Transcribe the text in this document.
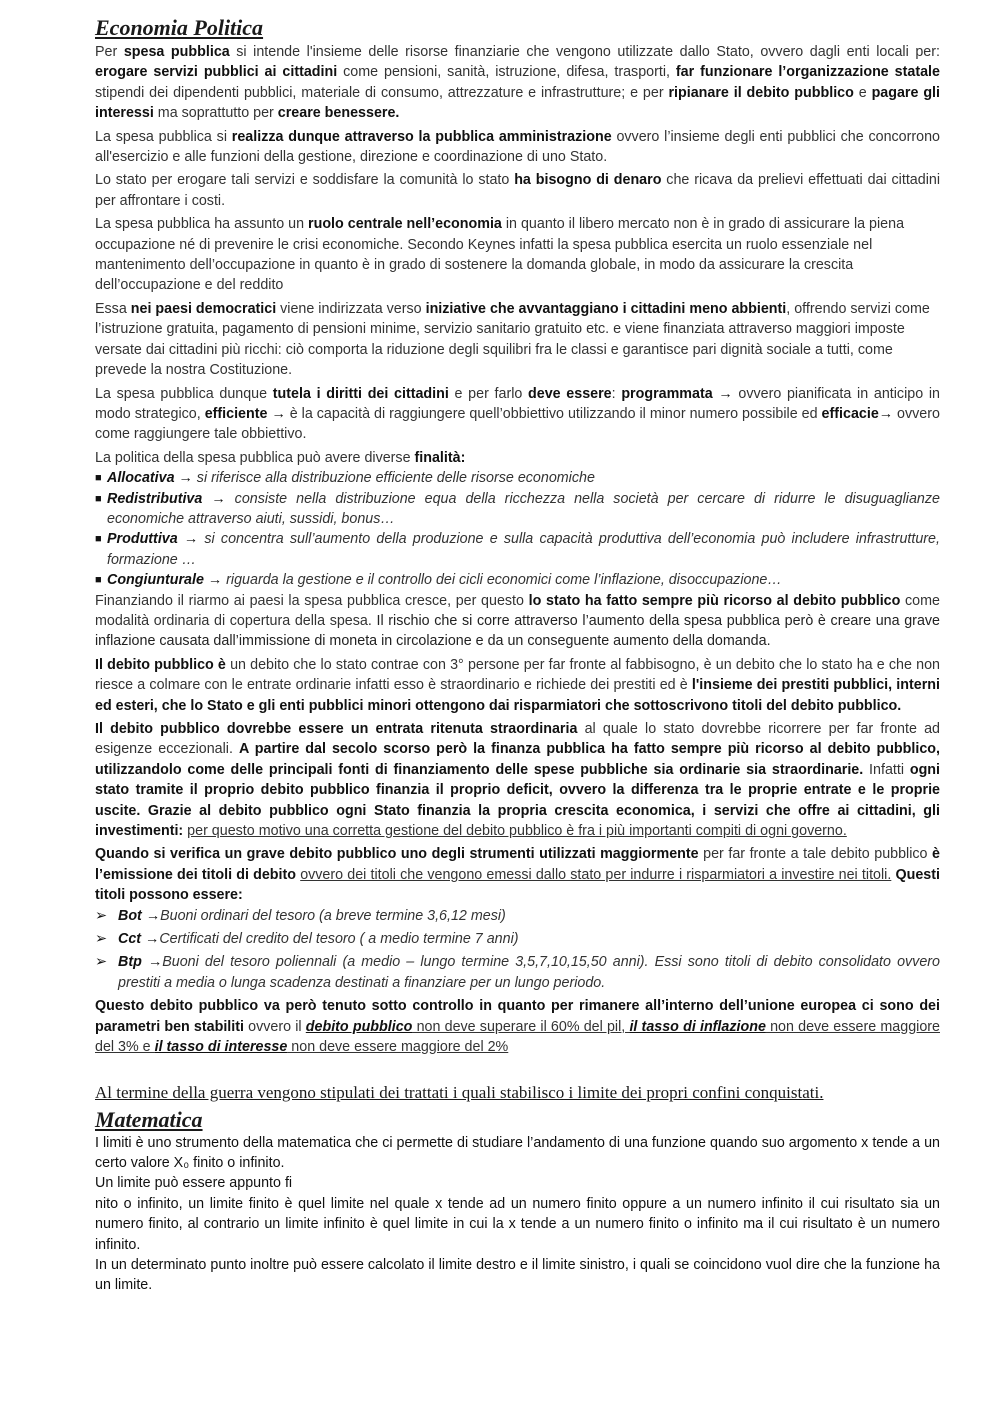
Economia Politica

Per spesa pubblica si intende l'insieme delle risorse finanziarie che vengono utilizzate dallo Stato, ovvero dagli enti locali per: erogare servizi pubblici ai cittadini come pensioni, sanità, istruzione, difesa, trasporti, far funzionare l’organizzazione statale stipendi dei dipendenti pubblici, materiale di consumo, attrezzature e infrastrutture; e per ripianare il debito pubblico e pagare gli interessi ma soprattutto per creare benessere.

La spesa pubblica si realizza dunque attraverso la pubblica amministrazione ovvero l’insieme degli enti pubblici che concorrono all'esercizio e alle funzioni della gestione, direzione e coordinazione di uno Stato.

Lo stato per erogare tali servizi e soddisfare la comunità lo stato ha bisogno di denaro che ricava da prelievi effettuati dai cittadini per affrontare i costi.

La spesa pubblica ha assunto un ruolo centrale nell’economia in quanto il libero mercato non è in grado di assicurare la piena occupazione né di prevenire le crisi economiche. Secondo Keynes infatti la spesa pubblica esercita un ruolo essenziale nel mantenimento dell’occupazione in quanto è in grado di sostenere la domanda globale, in modo da assicurare la crescita dell’occupazione e del reddito

Essa nei paesi democratici viene indirizzata verso iniziative che avvantaggiano i cittadini meno abbienti, offrendo servizi come l’istruzione gratuita, pagamento di pensioni minime, servizio sanitario gratuito etc. e viene finanziata attraverso maggiori imposte versate dai cittadini più ricchi: ciò comporta la riduzione degli squilibri fra le classi e garantisce pari dignità sociale a tutti, come prevede la nostra Costituzione.

La spesa pubblica dunque tutela i diritti dei cittadini e per farlo deve essere: programmata → ovvero pianificata in anticipo in modo strategico, efficiente → è la capacità di raggiungere quell’obbiettivo utilizzando il minor numero possibile ed efficacie→ ovvero come raggiungere tale obbiettivo.

La politica della spesa pubblica può avere diverse finalità:

■ Allocativa → si riferisce alla distribuzione efficiente delle risorse economiche
■ Redistributiva → consiste nella distribuzione equa della ricchezza nella società per cercare di ridurre le disuguaglianze economiche attraverso aiuti, sussidi, bonus…
■ Produttiva → si concentra sull’aumento della produzione e sulla capacità produttiva dell’economia può includere infrastrutture, formazione …
■ Congiunturale → riguarda la gestione e il controllo dei cicli economici come l’inflazione, disoccupazione…

Finanziando il riarmo ai paesi la spesa pubblica cresce, per questo lo stato ha fatto sempre più ricorso al debito pubblico come modalità ordinaria di copertura della spesa. Il rischio che si corre attraverso l’aumento della spesa pubblica però è creare una grave inflazione causata dall’immissione di moneta in circolazione e da un conseguente aumento della domanda.

Il debito pubblico è un debito che lo stato contrae con 3° persone per far fronte al fabbisogno, è un debito che lo stato ha e che non riesce a colmare con le entrate ordinarie infatti esso è straordinario e richiede dei prestiti ed è l'insieme dei prestiti pubblici, interni ed esteri, che lo Stato e gli enti pubblici minori ottengono dai risparmiatori che sottoscrivono titoli del debito pubblico.

Il debito pubblico dovrebbe essere un entrata ritenuta straordinaria al quale lo stato dovrebbe ricorrere per far fronte ad esigenze eccezionali. A partire dal secolo scorso però la finanza pubblica ha fatto sempre più ricorso al debito pubblico, utilizzandolo come delle principali fonti di finanziamento delle spese pubbliche sia ordinarie sia straordinarie. Infatti ogni stato tramite il proprio debito pubblico finanzia il proprio deficit, ovvero la differenza tra le proprie entrate e le proprie uscite. Grazie al debito pubblico ogni Stato finanzia la propria crescita economica, i servizi che offre ai cittadini, gli investimenti: per questo motivo una corretta gestione del debito pubblico è fra i più importanti compiti di ogni governo.

Quando si verifica un grave debito pubblico uno degli strumenti utilizzati maggiormente per far fronte a tale debito pubblico è l’emissione dei titoli di debito ovvero dei titoli che vengono emessi dallo stato per indurre i risparmiatori a investire nei titoli. Questi titoli possono essere:

➢ Bot →Buoni ordinari del tesoro (a breve termine 3,6,12 mesi)
➢ Cct →Certificati del credito del tesoro ( a medio termine 7 anni)
➢ Btp →Buoni del tesoro poliennali (a medio – lungo termine 3,5,7,10,15,50 anni). Essi sono titoli di debito consolidato ovvero prestiti a media o lunga scadenza destinati a finanziare per un lungo periodo.

Questo debito pubblico va però tenuto sotto controllo in quanto per rimanere all’interno dell’unione europea ci sono dei parametri ben stabiliti ovvero il debito pubblico non deve superare il 60% del pil, il tasso di inflazione non deve essere maggiore del 3% e il tasso di interesse non deve essere maggiore del 2%

Al termine della guerra vengono stipulati dei trattati i quali stabilisco i limite dei propri confini conquistati.

Matematica

I limiti è uno strumento della matematica che ci permette di studiare l’andamento di una funzione quando suo argomento x tende a un certo valore X₀ finito o infinito.

Un limite può essere appunto fi

nito o infinito, un limite finito è quel limite nel quale x tende ad un numero finito oppure a un numero infinito il cui risultato sia un numero finito, al contrario un limite infinito è quel limite in cui la x tende a un numero finito o infinito ma il cui risultato è un numero infinito.

In un determinato punto inoltre può essere calcolato il limite destro e il limite sinistro, i quali se coincidono vuol dire che la funzione ha un limite.
